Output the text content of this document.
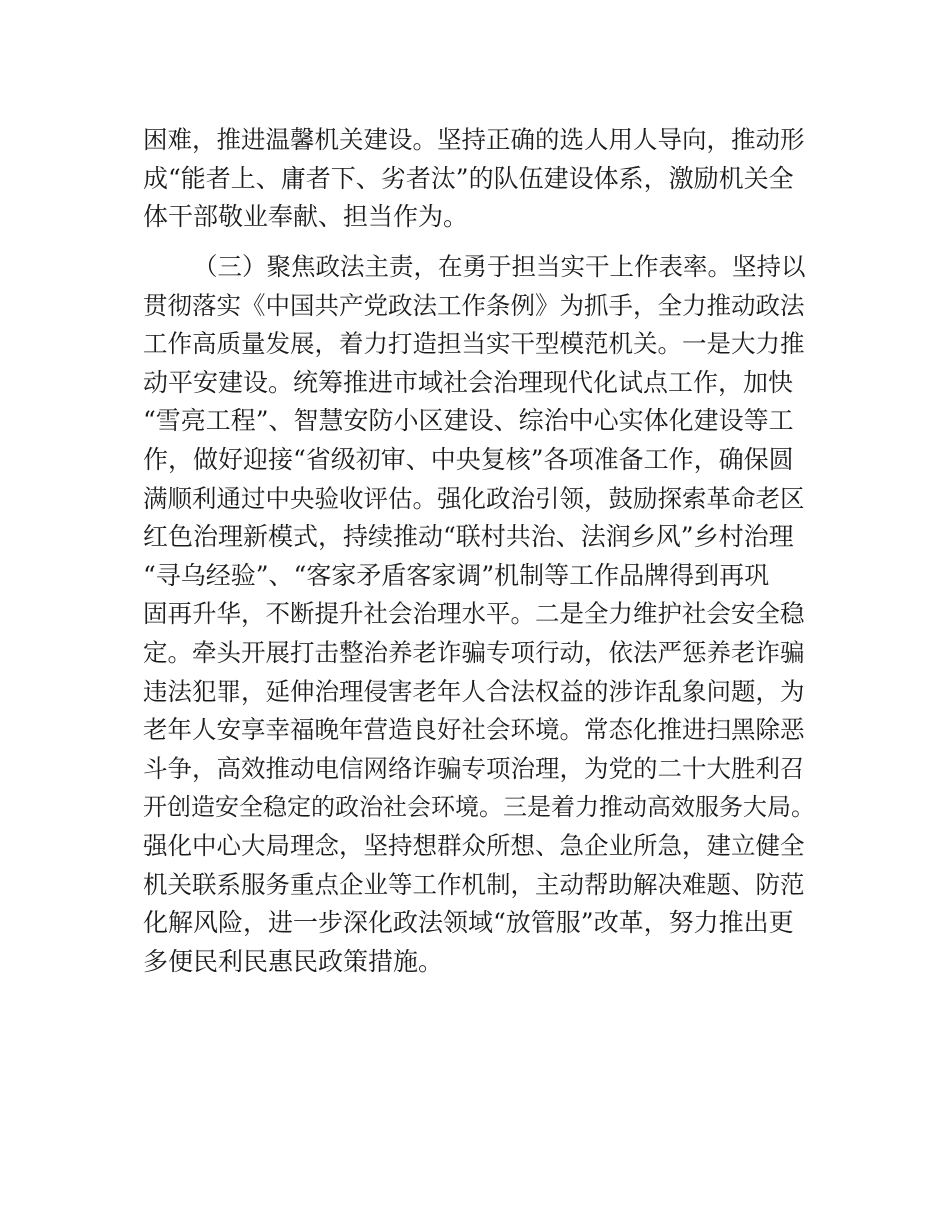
困难，推进温馨机关建设。坚持正确的选人用人导向，推动形
成“能者上、庸者下、劣者汰”的队伍建设体系，激励机关全
体干部敬业奉献、担当作为。
（三）聚焦政法主责，在勇于担当实干上作表率。坚持以
贯彻落实《中国共产党政法工作条例》为抓手，全力推动政法
工作高质量发展，着力打造担当实干型模范机关。一是大力推
动平安建设。统筹推进市域社会治理现代化试点工作，加快
“雪亮工程”、智慧安防小区建设、综治中心实体化建设等工
作，做好迎接“省级初审、中央复核”各项准备工作，确保圆
满顺利通过中央验收评估。强化政治引领，鼓励探索革命老区
红色治理新模式，持续推动“联村共治、法润乡风”乡村治理
“寻乌经验”、“客家矛盾客家调”机制等工作品牌得到再巩
固再升华，不断提升社会治理水平。二是全力维护社会安全稳
定。牵头开展打击整治养老诈骗专项行动，依法严惩养老诈骗
违法犯罪，延伸治理侵害老年人合法权益的涉诈乱象问题，为
老年人安享幸福晚年营造良好社会环境。常态化推进扫黑除恶
斗争，高效推动电信网络诈骗专项治理，为党的二十大胜利召
开创造安全稳定的政治社会环境。三是着力推动高效服务大局。
强化中心大局理念，坚持想群众所想、急企业所急，建立健全
机关联系服务重点企业等工作机制，主动帮助解决难题、防范
化解风险，进一步深化政法领域“放管服”改革，努力推出更
多便民利民惠民政策措施。
